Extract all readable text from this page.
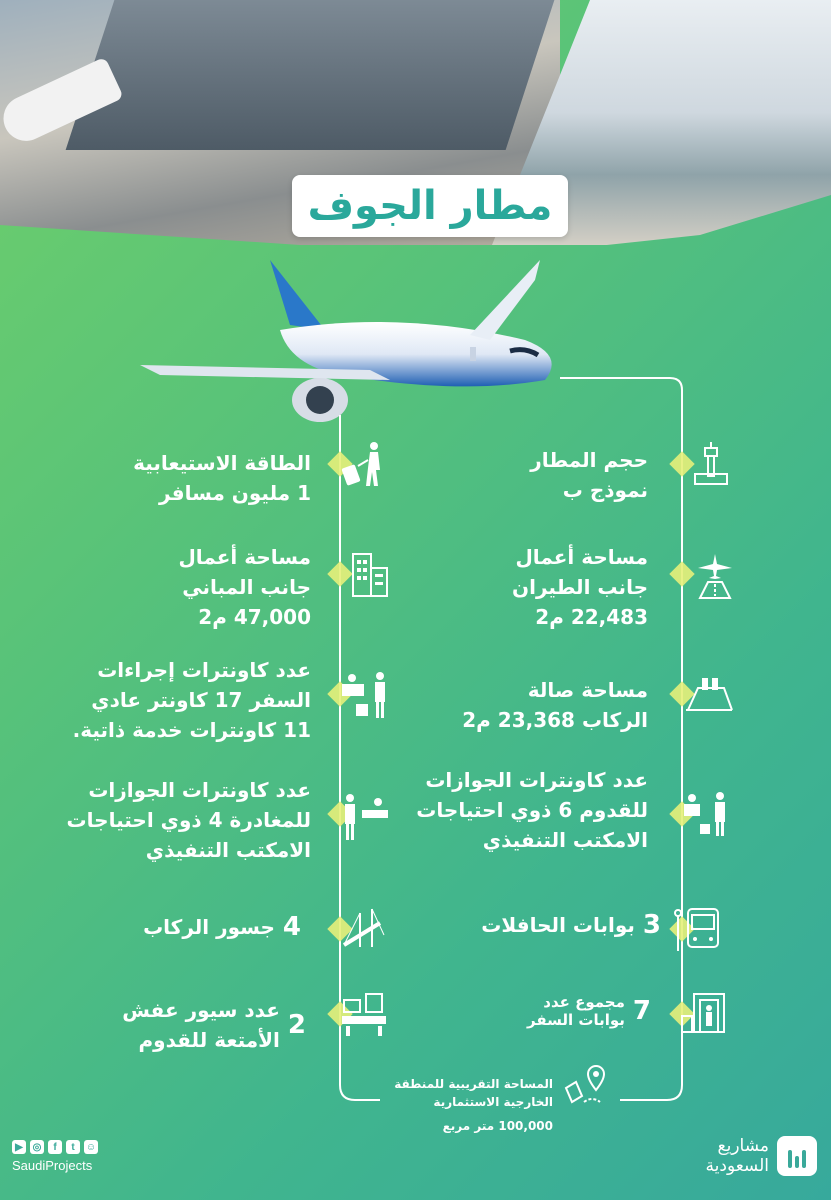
مطار الجوف
حجم المطار
نموذج ب
مساحة أعمال
جانب الطيران
22,483 م2
مساحة صالة
الركاب 23,368 م2
عدد كاونترات الجوازات
للقدوم 6 ذوي احتياجات
الامكتب التنفيذي
3
بوابات الحافلات
7
مجموع عدد
بوابات السفر
الطاقة الاستيعابية
1 مليون مسافر
مساحة أعمال
جانب المباني
47,000 م2
عدد كاونترات إجراءات
السفر 17 كاونتر عادي
11 كاونترات خدمة ذاتية.
عدد كاونترات الجوازات
للمغادرة 4 ذوي احتياجات
الامكتب التنفيذي
4
جسور الركاب
2
عدد سيور عفش
الأمتعة للقدوم
المساحة التقريبية للمنطقة
الخارجية الاستثمارية
100,000 متر مربع
▶ ◎	f	t	☺
SaudiProjects
مشاريع
السعودية
